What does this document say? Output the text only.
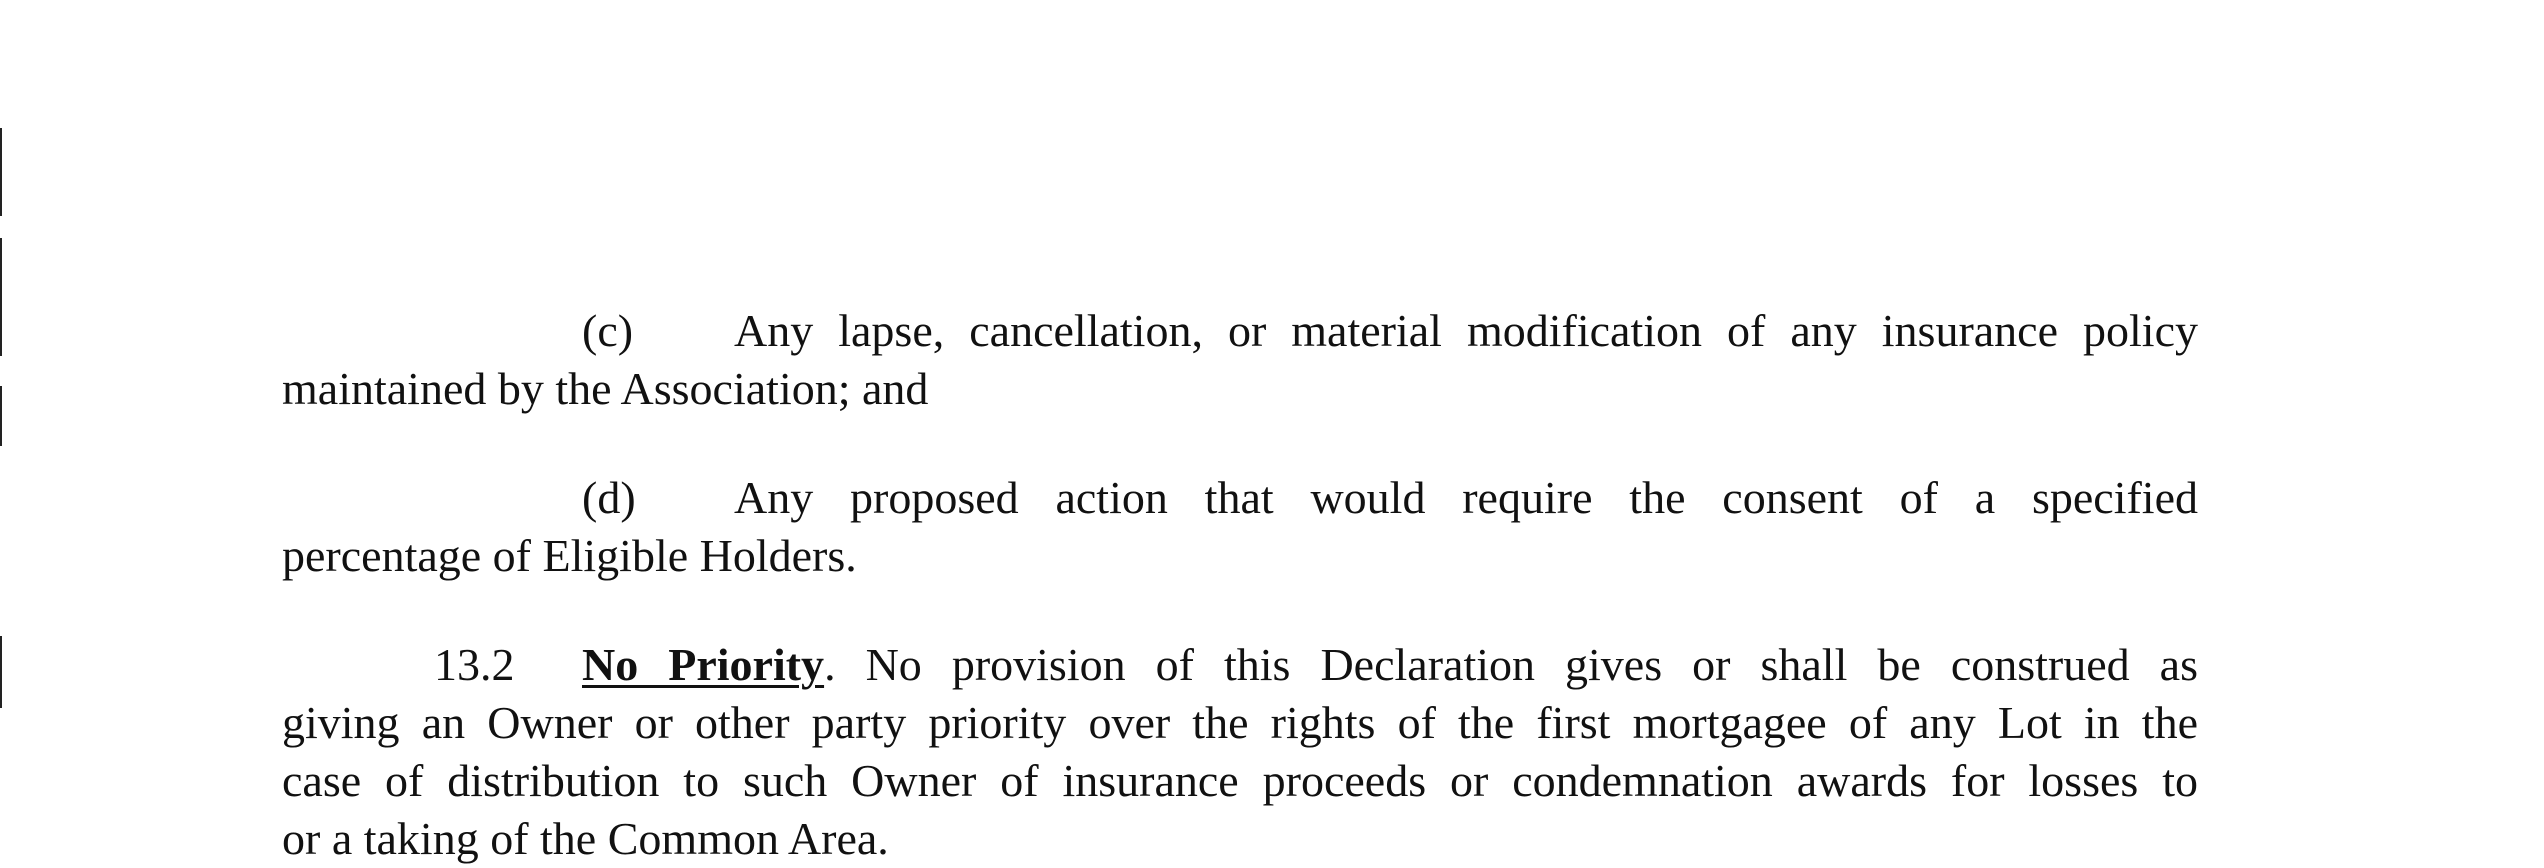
(c) Any lapse, cancellation, or material modification of any insurance policy
maintained by the Association; and
(d) Any proposed action that would require the consent of a specified
percentage of Eligible Holders.
13.2 No Priority. No provision of this Declaration gives or shall be construed as
giving an Owner or other party priority over the rights of the first mortgagee of any Lot in the
case of distribution to such Owner of insurance proceeds or condemnation awards for losses to
or a taking of the Common Area.
